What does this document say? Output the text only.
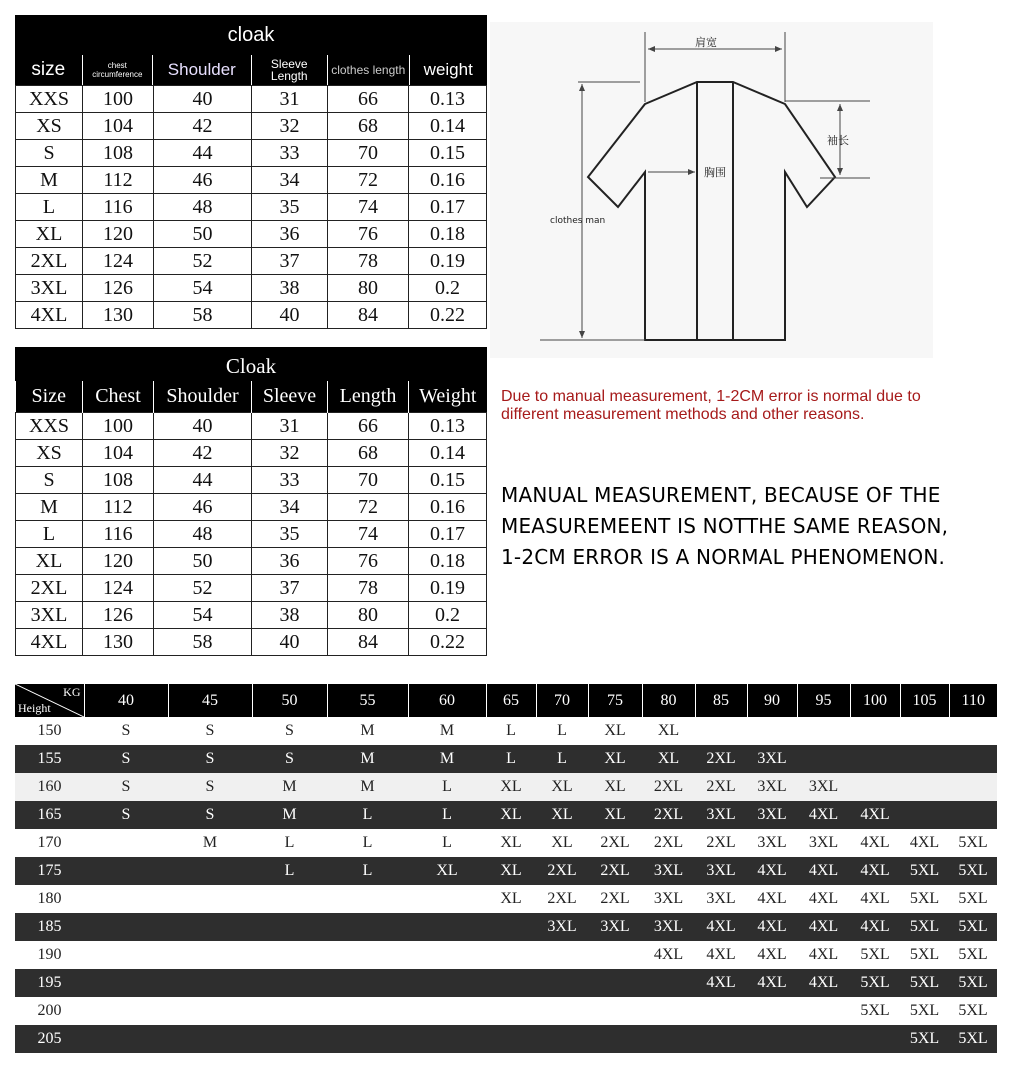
cloak
size	chest circumference	Shoulder	Sleeve Length	clothes length	weight
XXS	100	40	31	66	0.13
XS	104	42	32	68	0.14
S	108	44	33	70	0.15
M	112	46	34	72	0.16
L	116	48	35	74	0.17
XL	120	50	36	76	0.18
2XL	124	52	37	78	0.19
3XL	126	54	38	80	0.2
4XL	130	58	40	84	0.22
肩宽
袖长
胸围
clothes man
Cloak
Size	Chest	Shoulder	Sleeve	Length	Weight
XXS	100	40	31	66	0.13
XS	104	42	32	68	0.14
S	108	44	33	70	0.15
M	112	46	34	72	0.16
L	116	48	35	74	0.17
XL	120	50	36	76	0.18
2XL	124	52	37	78	0.19
3XL	126	54	38	80	0.2
4XL	130	58	40	84	0.22
Due to manual measurement, 1-2CM error is normal due to different measurement methods and other reasons.
MANUAL MEASUREMENT, BECAUSE OF THE
MEASUREMEENT IS NOTTHE SAME REASON,
1-2CM ERROR IS A NORMAL PHENOMENON.
KG
Height	40	45	50	55	60	65	70	75	80	85	90	95	100	105	110
150	S	S	S	M	M	L	L	XL	XL						
155	S	S	S	M	M	L	L	XL	XL	2XL	3XL				
160	S	S	M	M	L	XL	XL	XL	2XL	2XL	3XL	3XL			
165	S	S	M	L	L	XL	XL	XL	2XL	3XL	3XL	4XL	4XL		
170		M	L	L	L	XL	XL	2XL	2XL	2XL	3XL	3XL	4XL	4XL	5XL
175			L	L	XL	XL	2XL	2XL	3XL	3XL	4XL	4XL	4XL	5XL	5XL
180						XL	2XL	2XL	3XL	3XL	4XL	4XL	4XL	5XL	5XL
185							3XL	3XL	3XL	4XL	4XL	4XL	4XL	5XL	5XL
190									4XL	4XL	4XL	4XL	5XL	5XL	5XL
195										4XL	4XL	4XL	5XL	5XL	5XL
200													5XL	5XL	5XL
205														5XL	5XL
